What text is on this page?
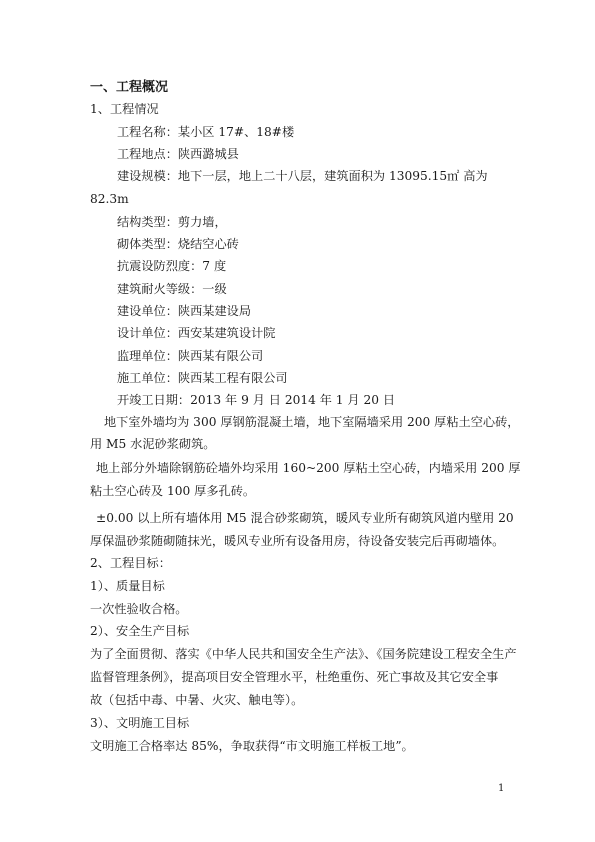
一、工程概况
1、工程情况
工程名称：某小区 17#、18#楼
工程地点：陕西潞城县
建设规模：地下一层，地上二十八层，建筑面积为 13095.15㎡ 高为
82.3m
结构类型：剪力墙，
砌体类型：烧结空心砖
抗震设防烈度：7 度
建筑耐火等级：一级
建设单位：陕西某建设局
设计单位：西安某建筑设计院
监理单位：陕西某有限公司
施工单位：陕西某工程有限公司
开竣工日期：2013 年 9 月 日 2014 年 1 月 20 日
地下室外墙均为 300 厚钢筋混凝土墙，地下室隔墙采用 200 厚粘土空心砖，
用 M5 水泥砂浆砌筑。
地上部分外墙除钢筋砼墙外均采用 160~200 厚粘土空心砖，内墙采用 200 厚
粘土空心砖及 100 厚多孔砖。
±0.00 以上所有墙体用 M5 混合砂浆砌筑，暖风专业所有砌筑风道内壁用 20
厚保温砂浆随砌随抹光，暖风专业所有设备用房，待设备安装完后再砌墙体。
2、工程目标：
1）、质量目标
一次性验收合格。
2）、安全生产目标
为了全面贯彻、落实《中华人民共和国安全生产法》、《国务院建设工程安全生产
监督管理条例》，提高项目安全管理水平，杜绝重伤、死亡事故及其它安全事
故（包括中毒、中暑、火灾、触电等）。
3）、文明施工目标
文明施工合格率达 85%，争取获得“市文明施工样板工地”。
1
